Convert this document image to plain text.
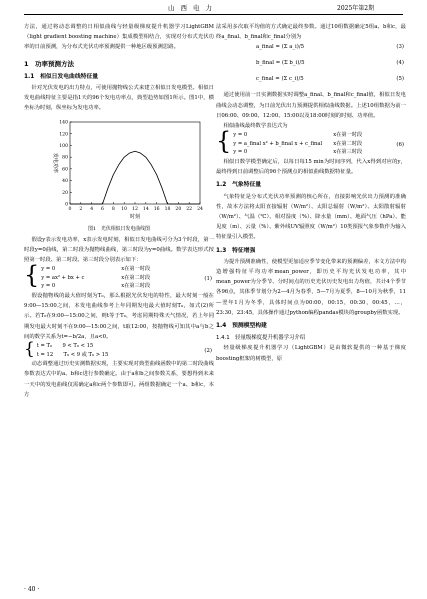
山西电力	2025年第2期

方法，通过将动态调整的日相似曲线与轻量级梯度提升机器学习LightGBM（light gradient boosting machine）集成模型相结合，实现对分布式光伏功率的日前预测，为分布式光伏功率预测提供一种地区级预测思路。

1　功率预测方法
1.1　相似日发电曲线特征量

针对光伏发电的出力特点，可使用抛物线公式来建立相似日发电模型。相似日发电曲线特征主要是指1天的96个发电功率点，典型趋势如图1所示。图1中，横坐标为时刻，纵坐标为发电功率。

0
20
40
60
80
100
120
140
0 2 4 6 8 10 12 14 16 18 20 22 24
发电功率
时刻
图1　光伏相似日发电曲线图

假设y表示发电功率，x表示发电时刻，相似日发电曲线可分为3个时段，第一时段y=0曲线，第二时段为抛物线曲线，第三时段为y=0曲线。数学表达形式按照第一时段、第二时段、第三时段分别表示如下：

{ y = 0	x在第一时段
y = ax² + bx + c	x在第二时段
y = 0	x在第三时段
(1)

假设抛物线的最大值时刻为T₀，那么根据光伏发电的特性，最大时刻一般在9:00—15:00之间，本发电曲线参考上年同期发电最大值时刻T₀，如式(2)所示。若T₀在9:00—15:00之间，则t等于T₀，考虑同期特殊天气情况，若上年同期发电最大时刻不在9:00—15:00之间，t取12:00，按抛物线可知其中a与b之间的数学关系为t=−b/2a，且a<0。

{ t = T₀　　9 < T₀ < 15
t = 12　　T₀ < 9 或 T₀ > 15
(2)

动态调整通过历史实测数据实现，主要实现对典型曲线函数中的第二时段曲线参数表达式中的a、b和c进行参数确定。由于a和b之间参数关系，要想得到未来一天中的发电曲线仅需确定a和c两个参数即可。两组数据确定一个a、b和c，本方

法采用多次取平均值的方式确定最终参数。通过10组数据确定5组a、b和c，最终a_final、b_final和c_final分别为

a_final = (Σ a_i)/5	(3)
b_final = (Σ b_i)/5	(4)
c_final = (Σ c_i)/5	(5)

通过使用前一日实测数据实时调整a_final、b_final和c_final值，相似日发电曲线会动态调整，为日前光伏出力预测提供相似曲线数据。上述10组数据为前一日06:00、09:00、12:00、15:00以及18:00时刻的时刻、功率值。

相似曲线最终数学表达式为

{ y = 0	x在第一时段
y = a_final x² + b_final x + c_final x在第二时段
y = 0	x在第三时段
(6)

相似日数学模型确定后，以每日每15 min为时间序列，代入x得到对应的y，最终得到日前调整后的96个预测点的相似曲线数据特征量。

1.2　气象特征量

气象特征是分布式光伏功率预测的核心所在，直接影响光伏出力预测的准确性，故本方法将太阳直接辐射（W/m²）、太阳总辐射（W/m²）、太阳散射辐射（W/m²）、气温（℃）、相对湿度（%）、降水量（mm）、地面气压（hPa）、能见度（m）、云量（%）、紫外线UV辐照度（W/m²）10类预报气象参数作为输入特征量引入模型。

1.3　特征增强

为提升预测准确性，使模型更加适应季节变化带来的预测偏差，本文方法中构造增强特征平均功率mean_power，即历史平均光伏发电功率，其中mean_power为分季节、分时间点的历史光伏历史发电出力均值，共计4个季节各96点，其体季节划分为2—4月为春季，5—7月为夏季，8—10月为秋季，11—翌年1月为冬季，具体时间点为00:00，00:15，00:30，00:45，…，23:30，23:45，具体操作通过python编程pandas模块的groupby函数实现。

1.4　预测模型构建
1.4.1　轻量级梯度提升机器学习介绍

轻量级梯度提升机器学习（LightGBM）是由微软提供的一种基于梯度boosting框架的树模型，原

· 40 ·
